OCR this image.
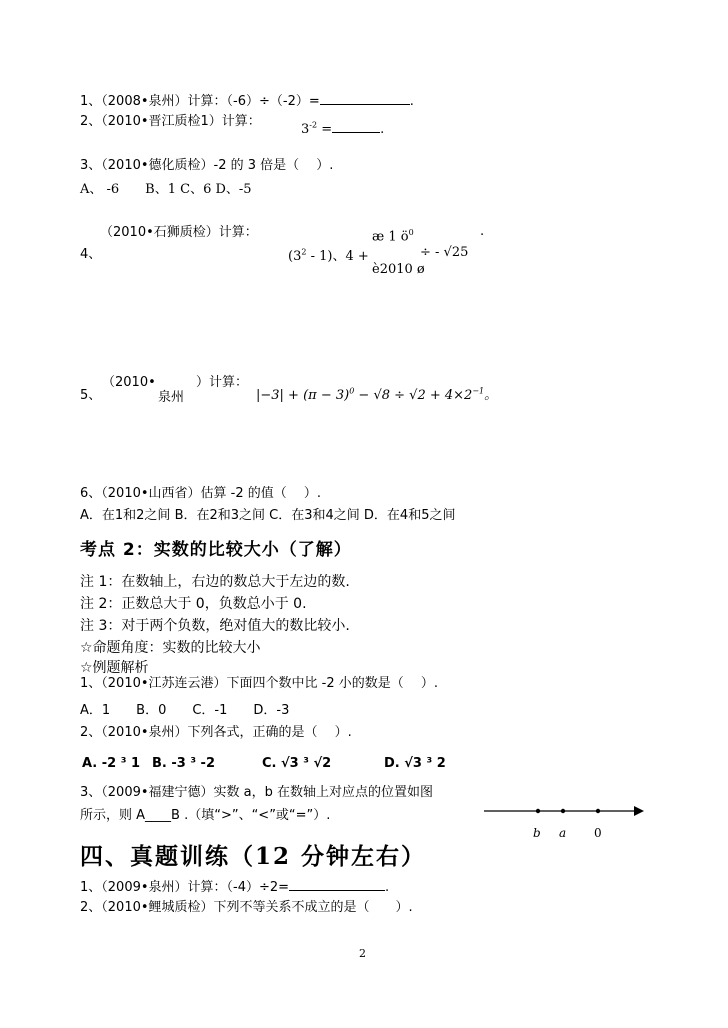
1、（2008•泉州）计算：（-6）÷（-2）=	.
2、（2010•晋江质检1）计算：
$3^{-2}$ =	.
3、（2010•德化质检）-2 的 3 倍是（　 ）.
A、 -6　　B、1 C、6 D、-5
（2010•石狮质检）计算：
4、	$(3^2 - 1)$、4 +
æ 1 $ö^0$
è2010 ø
÷ - √25
.
（2010•
泉州
）计算：
5、	$|-3| + (\pi - 3)^0 - √8 \div √2 + 4\times 2^{-1}$。
6、（2010•山西省）估算 -2 的值（　 ）.
A．在1和2之间 B．在2和3之间 C．在3和4之间 D．在4和5之间
考点 2：实数的比较大小（了解）
注 1：在数轴上，右边的数总大于左边的数.
注 2：正数总大于 0，负数总小于 0.
注 3：对于两个负数，绝对值大的数比较小.
☆命题角度：实数的比较大小
☆例题解析
1、（2010•江苏连云港）下面四个数中比 -2 小的数是（　 ）.
A．1　　B．0　　C．-1　　D．-3
2、（2010•泉州）下列各式，正确的是（　 ）.
A. -2 ³ 1 B. -3 ³ -2	C. √3 ³ √2	D. √3 ³ 2
3、（2009•福建宁德）实数 a，b 在数轴上对应点的位置如图
所示，则 A____B .（填“>”、“<”或“=”）.
b a 0
四、真题训练（12 分钟左右）
1、（2009•泉州）计算：（-4）÷2=	.
2、（2010•鲤城质检）下列不等关系不成立的是（　　）.
2
